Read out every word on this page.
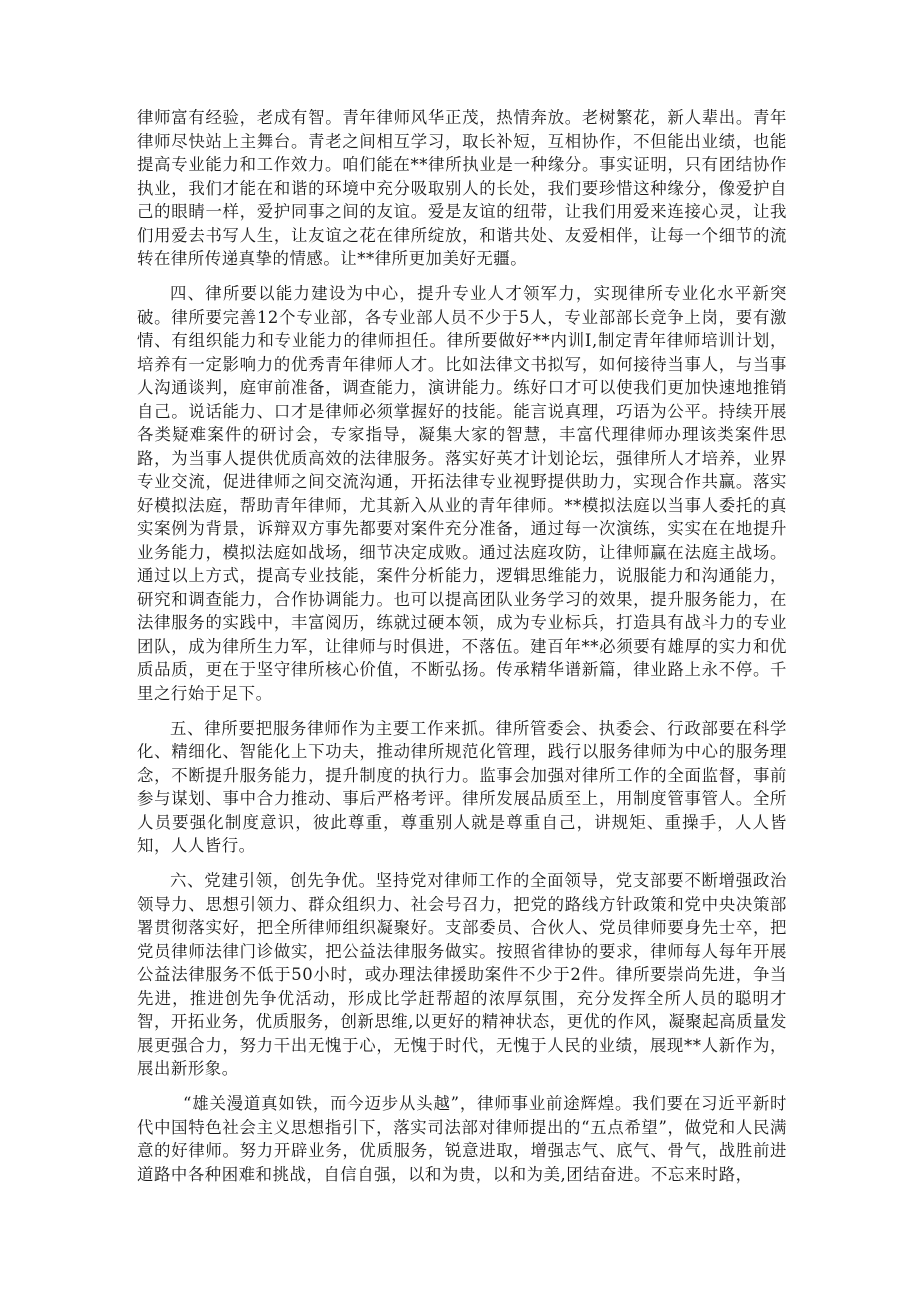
律师富有经验，老成有智。青年律师风华正茂，热情奔放。老树繁花，新人辈出。青年律师尽快站上主舞台。青老之间相互学习，取长补短，互相协作，不但能出业绩，也能提高专业能力和工作效力。咱们能在**律所执业是一种缘分。事实证明，只有团结协作执业，我们才能在和谐的环境中充分吸取别人的长处，我们要珍惜这种缘分，像爱护自己的眼睛一样，爱护同事之间的友谊。爱是友谊的纽带，让我们用爱来连接心灵，让我们用爱去书写人生，让友谊之花在律所绽放，和谐共处、友爱相伴，让每一个细节的流转在律所传递真挚的情感。让**律所更加美好无疆。

四、律所要以能力建设为中心，提升专业人才领军力，实现律所专业化水平新突破。律所要完善12个专业部，各专业部人员不少于5人，专业部部长竞争上岗，要有激情、有组织能力和专业能力的律师担任。律所要做好**内训I,制定青年律师培训计划，培养有一定影响力的优秀青年律师人才。比如法律文书拟写，如何接待当事人，与当事人沟通谈判，庭审前准备，调查能力，演讲能力。练好口才可以使我们更加快速地推销自己。说话能力、口才是律师必须掌握好的技能。能言说真理，巧语为公平。持续开展各类疑难案件的研讨会，专家指导，凝集大家的智慧，丰富代理律师办理该类案件思路，为当事人提供优质高效的法律服务。落实好英才计划论坛，强律所人才培养，业界专业交流，促进律师之间交流沟通，开拓法律专业视野提供助力，实现合作共赢。落实好模拟法庭，帮助青年律师，尤其新入从业的青年律师。**模拟法庭以当事人委托的真实案例为背景，诉辩双方事先都要对案件充分准备，通过每一次演练，实实在在地提升业务能力，模拟法庭如战场，细节决定成败。通过法庭攻防，让律师赢在法庭主战场。通过以上方式，提高专业技能，案件分析能力，逻辑思维能力，说服能力和沟通能力，研究和调查能力，合作协调能力。也可以提高团队业务学习的效果，提升服务能力，在法律服务的实践中，丰富阅历，练就过硬本领，成为专业标兵，打造具有战斗力的专业团队，成为律所生力军，让律师与时俱进，不落伍。建百年**必须要有雄厚的实力和优质品质，更在于坚守律所核心价值，不断弘扬。传承精华谱新篇，律业路上永不停。千里之行始于足下。

五、律所要把服务律师作为主要工作来抓。律所管委会、执委会、行政部要在科学化、精细化、智能化上下功夫，推动律所规范化管理，践行以服务律师为中心的服务理念，不断提升服务能力，提升制度的执行力。监事会加强对律所工作的全面监督，事前参与谋划、事中合力推动、事后严格考评。律所发展品质至上，用制度管事管人。全所人员要强化制度意识，彼此尊重，尊重别人就是尊重自己，讲规矩、重操手，人人皆知，人人皆行。

六、党建引领，创先争优。坚持党对律师工作的全面领导，党支部要不断增强政治领导力、思想引领力、群众组织力、社会号召力，把党的路线方针政策和党中央决策部署贯彻落实好，把全所律师组织凝聚好。支部委员、合伙人、党员律师要身先士卒，把党员律师法律门诊做实，把公益法律服务做实。按照省律协的要求，律师每人每年开展公益法律服务不低于50小时，或办理法律援助案件不少于2件。律所要崇尚先进，争当先进，推进创先争优活动，形成比学赶帮超的浓厚氛围，充分发挥全所人员的聪明才智，开拓业务，优质服务，创新思维,以更好的精神状态，更优的作风，凝聚起高质量发展更强合力，努力干出无愧于心，无愧于时代，无愧于人民的业绩，展现**人新作为，展出新形象。

“雄关漫道真如铁，而今迈步从头越”，律师事业前途辉煌。我们要在习近平新时代中国特色社会主义思想指引下，落实司法部对律师提出的“五点希望”，做党和人民满意的好律师。努力开辟业务，优质服务，锐意进取，增强志气、底气、骨气，战胜前进道路中各种困难和挑战，自信自强，以和为贵，以和为美,团结奋进。不忘来时路，
